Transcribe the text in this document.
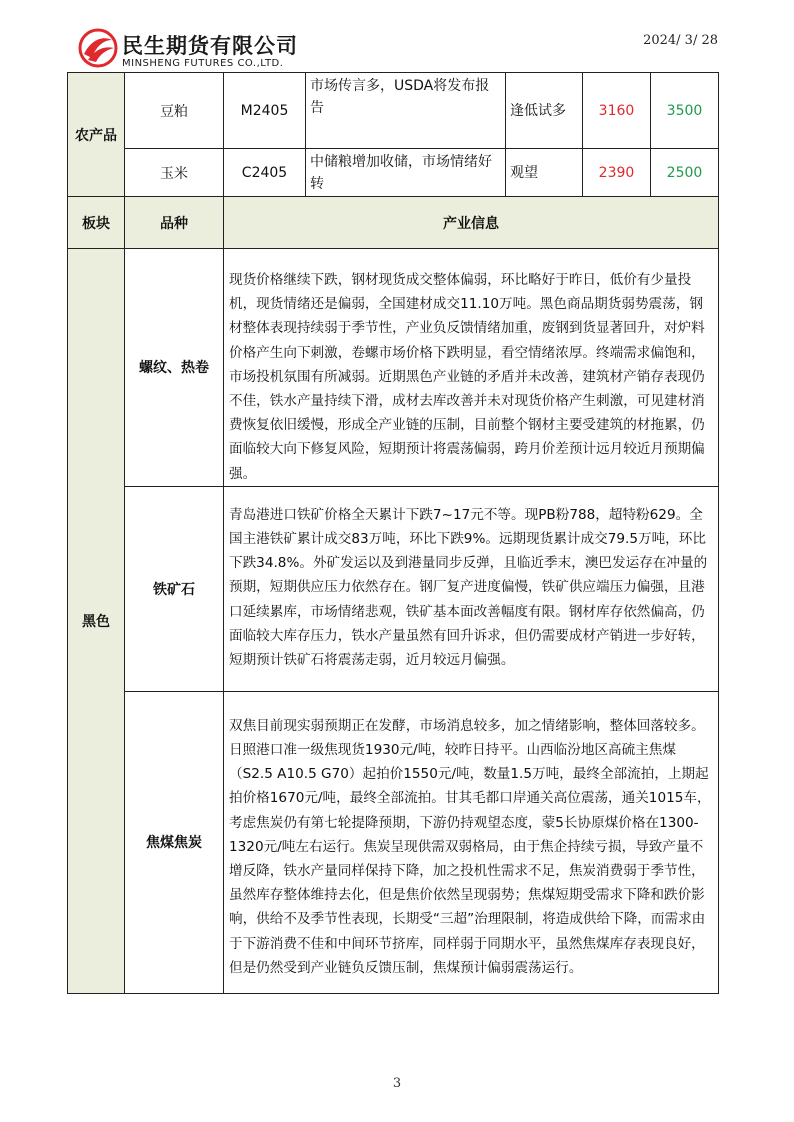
民生期货有限公司
MINSHENG FUTURES CO.,LTD.
2024/ 3/ 28
农产品	豆粕	M2405	市场传言多，USDA将发布报告	逢低试多	3160	3500
	玉米	C2405	中储粮增加收储，市场情绪好转	观望	2390	2500
板块	品种	产业信息				
黑色	螺纹、热卷	现货价格继续下跌，钢材现货成交整体偏弱，环比略好于昨日，低价有少量投机，现货情绪还是偏弱，全国建材成交11.10万吨。黑色商品期货弱势震荡，钢材整体表现持续弱于季节性，产业负反馈情绪加重，废钢到货显著回升，对炉料价格产生向下刺激，卷螺市场价格下跌明显，看空情绪浓厚。终端需求偏饱和，市场投机氛围有所减弱。近期黑色产业链的矛盾并未改善，建筑材产销存表现仍不佳，铁水产量持续下滑，成材去库改善并未对现货价格产生刺激，可见建材消费恢复依旧缓慢，形成全产业链的压制，目前整个钢材主要受建筑的材拖累，仍面临较大向下修复风险，短期预计将震荡偏弱，跨月价差预计远月较近月预期偏强。				
	铁矿石	青岛港进口铁矿价格全天累计下跌7~17元不等。现PB粉788，超特粉629。全国主港铁矿累计成交83万吨，环比下跌9%。远期现货累计成交79.5万吨，环比下跌34.8%。外矿发运以及到港量同步反弹，且临近季末，澳巴发运存在冲量的预期，短期供应压力依然存在。钢厂复产进度偏慢，铁矿供应端压力偏强，且港口延续累库，市场情绪悲观，铁矿基本面改善幅度有限。钢材库存依然偏高，仍面临较大库存压力，铁水产量虽然有回升诉求，但仍需要成材产销进一步好转，短期预计铁矿石将震荡走弱，近月较远月偏强。				
	焦煤焦炭	双焦目前现实弱预期正在发酵，市场消息较多，加之情绪影响，整体回落较多。日照港口准一级焦现货1930元/吨，较昨日持平。山西临汾地区高硫主焦煤（S2.5 A10.5 G70）起拍价1550元/吨，数量1.5万吨，最终全部流拍，上期起拍价格1670元/吨，最终全部流拍。甘其毛都口岸通关高位震荡，通关1015车，考虑焦炭仍有第七轮提降预期，下游仍持观望态度，蒙5长协原煤价格在1300-1320元/吨左右运行。焦炭呈现供需双弱格局，由于焦企持续亏损，导致产量不增反降，铁水产量同样保持下降，加之投机性需求不足，焦炭消费弱于季节性，虽然库存整体维持去化，但是焦价依然呈现弱势；焦煤短期受需求下降和跌价影响，供给不及季节性表现，长期受“三超”治理限制，将造成供给下降，而需求由于下游消费不佳和中间环节挤库，同样弱于同期水平，虽然焦煤库存表现良好，但是仍然受到产业链负反馈压制，焦煤预计偏弱震荡运行。				
3
